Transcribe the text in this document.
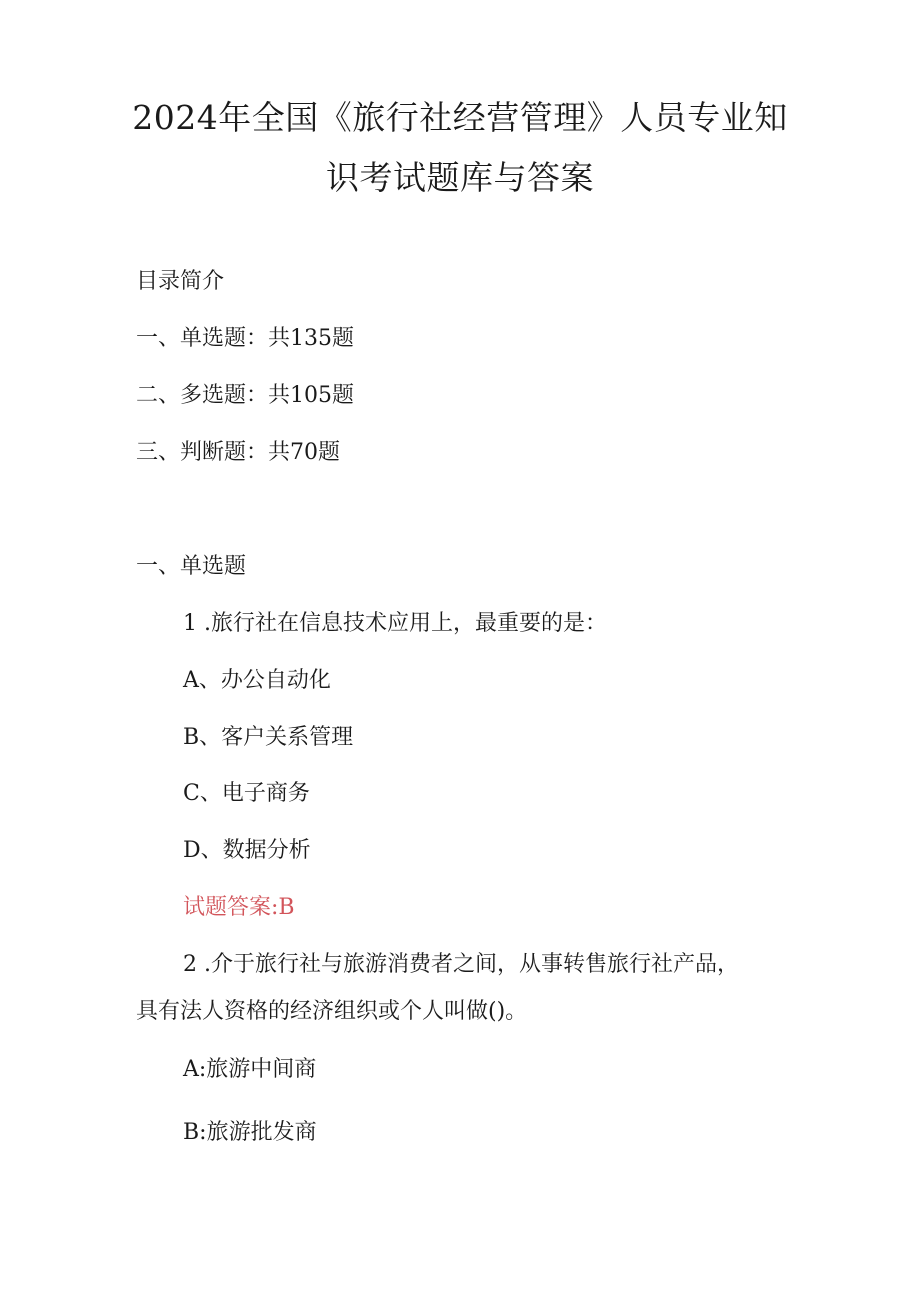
2024年全国《旅行社经营管理》人员专业知
识考试题库与答案
目录简介
一、单选题：共135题
二、多选题：共105题
三、判断题：共70题
一、单选题
1 .旅行社在信息技术应用上，最重要的是：
A、办公自动化
B、客户关系管理
C、电子商务
D、数据分析
试题答案:B
2 .介于旅行社与旅游消费者之间，从事转售旅行社产品，
具有法人资格的经济组织或个人叫做()。
A:旅游中间商
B:旅游批发商
